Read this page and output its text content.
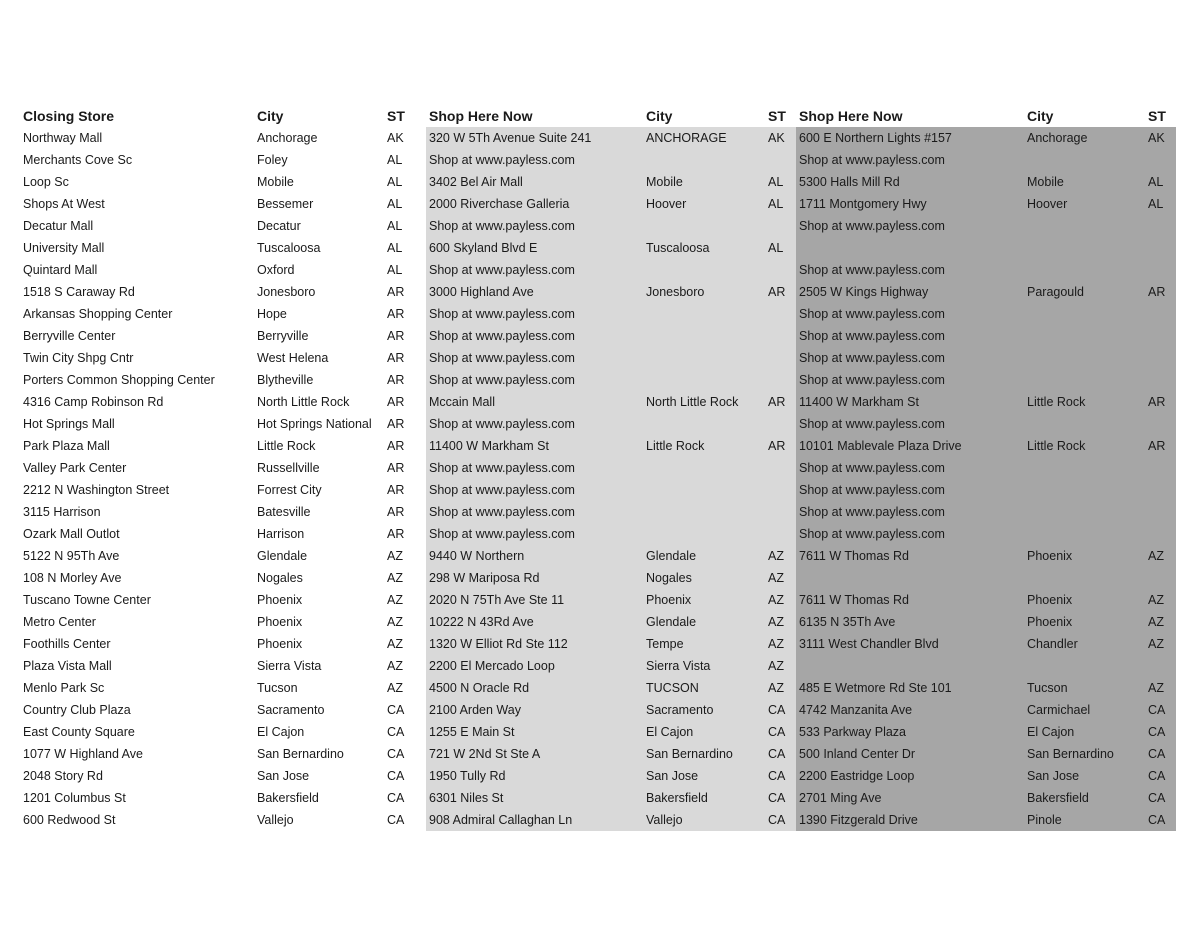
Closing Store	City	ST	Shop Here Now	City	ST	Shop Here Now	City	ST
Northway Mall	Anchorage	AK	320 W 5Th Avenue Suite 241	ANCHORAGE	AK	600 E Northern Lights #157	Anchorage	AK
Merchants Cove Sc	Foley	AL	Shop at www.payless.com			Shop at www.payless.com		
Loop Sc	Mobile	AL	3402 Bel Air Mall	Mobile	AL	5300 Halls Mill Rd	Mobile	AL
Shops At West	Bessemer	AL	2000 Riverchase Galleria	Hoover	AL	1711 Montgomery Hwy	Hoover	AL
Decatur Mall	Decatur	AL	Shop at www.payless.com			Shop at www.payless.com		
University Mall	Tuscaloosa	AL	600 Skyland Blvd E	Tuscaloosa	AL			
Quintard Mall	Oxford	AL	Shop at www.payless.com			Shop at www.payless.com		
1518 S Caraway Rd	Jonesboro	AR	3000 Highland Ave	Jonesboro	AR	2505 W Kings Highway	Paragould	AR
Arkansas Shopping Center	Hope	AR	Shop at www.payless.com			Shop at www.payless.com		
Berryville Center	Berryville	AR	Shop at www.payless.com			Shop at www.payless.com		
Twin City Shpg Cntr	West Helena	AR	Shop at www.payless.com			Shop at www.payless.com		
Porters Common Shopping Center	Blytheville	AR	Shop at www.payless.com			Shop at www.payless.com		
4316 Camp Robinson Rd	North Little Rock	AR	Mccain Mall	North Little Rock	AR	11400 W Markham St	Little Rock	AR
Hot Springs Mall	Hot Springs National	AR	Shop at www.payless.com			Shop at www.payless.com		
Park Plaza Mall	Little Rock	AR	11400 W Markham St	Little Rock	AR	10101 Mablevale Plaza Drive	Little Rock	AR
Valley Park Center	Russellville	AR	Shop at www.payless.com			Shop at www.payless.com		
2212 N Washington Street	Forrest City	AR	Shop at www.payless.com			Shop at www.payless.com		
3115 Harrison	Batesville	AR	Shop at www.payless.com			Shop at www.payless.com		
Ozark Mall Outlot	Harrison	AR	Shop at www.payless.com			Shop at www.payless.com		
5122 N 95Th Ave	Glendale	AZ	9440 W Northern	Glendale	AZ	7611 W Thomas Rd	Phoenix	AZ
108 N Morley Ave	Nogales	AZ	298 W Mariposa Rd	Nogales	AZ			
Tuscano Towne Center	Phoenix	AZ	2020 N 75Th Ave Ste 11	Phoenix	AZ	7611 W Thomas Rd	Phoenix	AZ
Metro Center	Phoenix	AZ	10222 N 43Rd Ave	Glendale	AZ	6135 N 35Th Ave	Phoenix	AZ
Foothills Center	Phoenix	AZ	1320 W Elliot Rd Ste 112	Tempe	AZ	3111 West Chandler Blvd	Chandler	AZ
Plaza Vista Mall	Sierra Vista	AZ	2200 El Mercado Loop	Sierra Vista	AZ			
Menlo Park Sc	Tucson	AZ	4500 N Oracle Rd	TUCSON	AZ	485 E Wetmore Rd Ste 101	Tucson	AZ
Country Club Plaza	Sacramento	CA	2100 Arden Way	Sacramento	CA	4742 Manzanita Ave	Carmichael	CA
East County Square	El Cajon	CA	1255 E Main St	El Cajon	CA	533 Parkway Plaza	El Cajon	CA
1077 W Highland Ave	San Bernardino	CA	721 W 2Nd St Ste A	San Bernardino	CA	500 Inland Center Dr	San Bernardino	CA
2048 Story Rd	San Jose	CA	1950 Tully Rd	San Jose	CA	2200 Eastridge Loop	San Jose	CA
1201 Columbus St	Bakersfield	CA	6301 Niles St	Bakersfield	CA	2701 Ming Ave	Bakersfield	CA
600 Redwood St	Vallejo	CA	908 Admiral Callaghan Ln	Vallejo	CA	1390 Fitzgerald Drive	Pinole	CA
